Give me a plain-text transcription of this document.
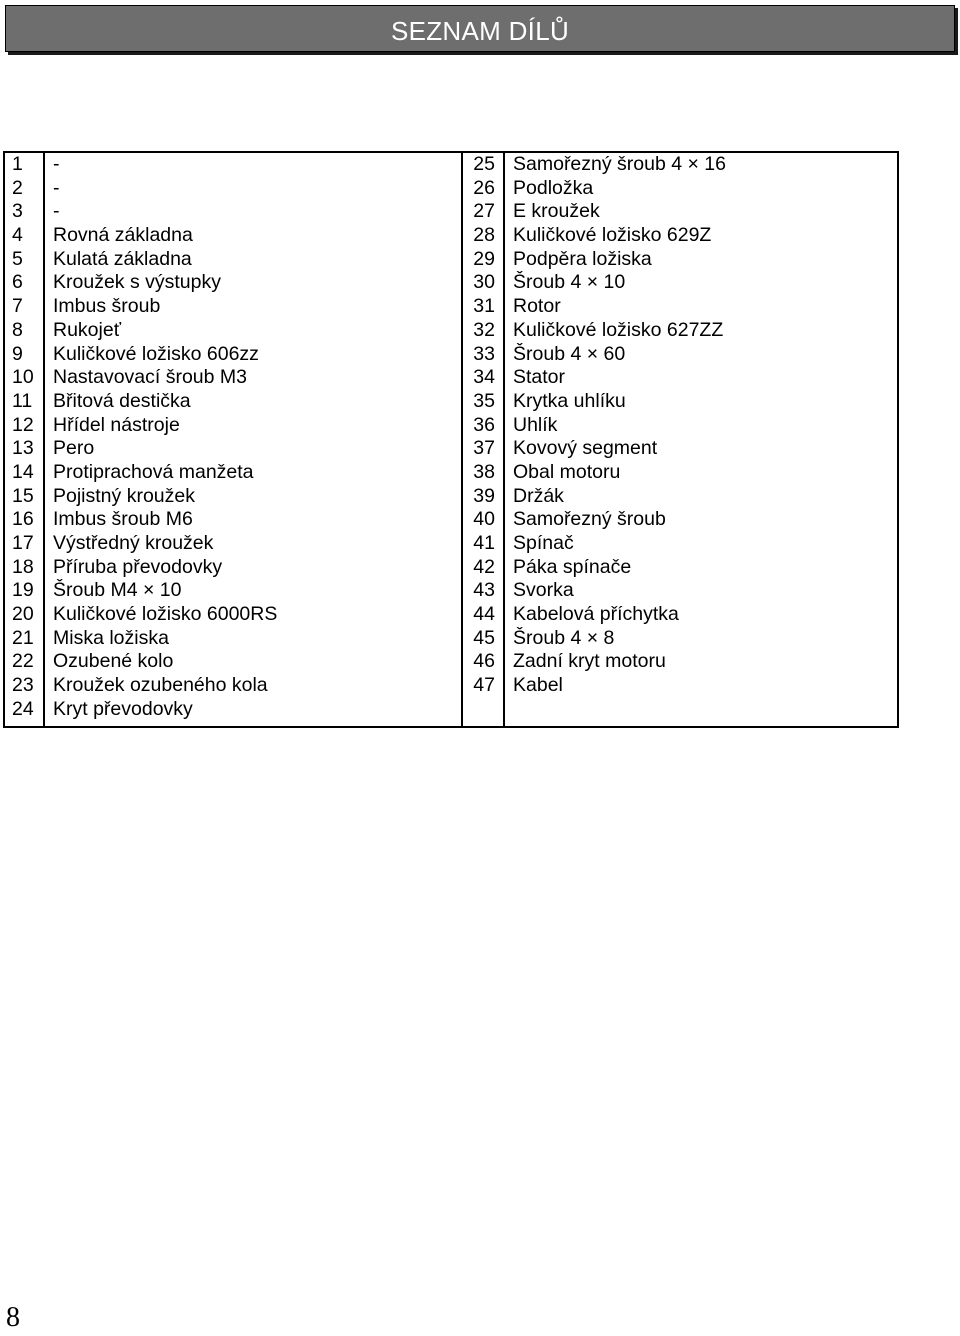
SEZNAM DÍLŮ
1
2
3
4
5
6
7
8
9
10
11
12
13
14
15
16
17
18
19
20
21
22
23
24
-
-
-
Rovná základna
Kulatá základna
Kroužek s výstupky
Imbus šroub
Rukojeť
Kuličkové ložisko 606zz
Nastavovací šroub M3
Břitová destička
Hřídel nástroje
Pero
Protiprachová manžeta
Pojistný kroužek
Imbus šroub M6
Výstředný kroužek
Příruba převodovky
Šroub M4 × 10
Kuličkové ložisko 6000RS
Miska ložiska
Ozubené kolo
Kroužek ozubeného kola
Kryt převodovky
25
26
27
28
29
30
31
32
33
34
35
36
37
38
39
40
41
42
43
44
45
46
47
Samořezný šroub 4 × 16
Podložka
E kroužek
Kuličkové ložisko 629Z
Podpěra ložiska
Šroub 4 × 10
Rotor
Kuličkové ložisko 627ZZ
Šroub 4 × 60
Stator
Krytka uhlíku
Uhlík
Kovový segment
Obal motoru
Držák
Samořezný šroub
Spínač
Páka spínače
Svorka
Kabelová příchytka
Šroub 4 × 8
Zadní kryt motoru
Kabel
8
